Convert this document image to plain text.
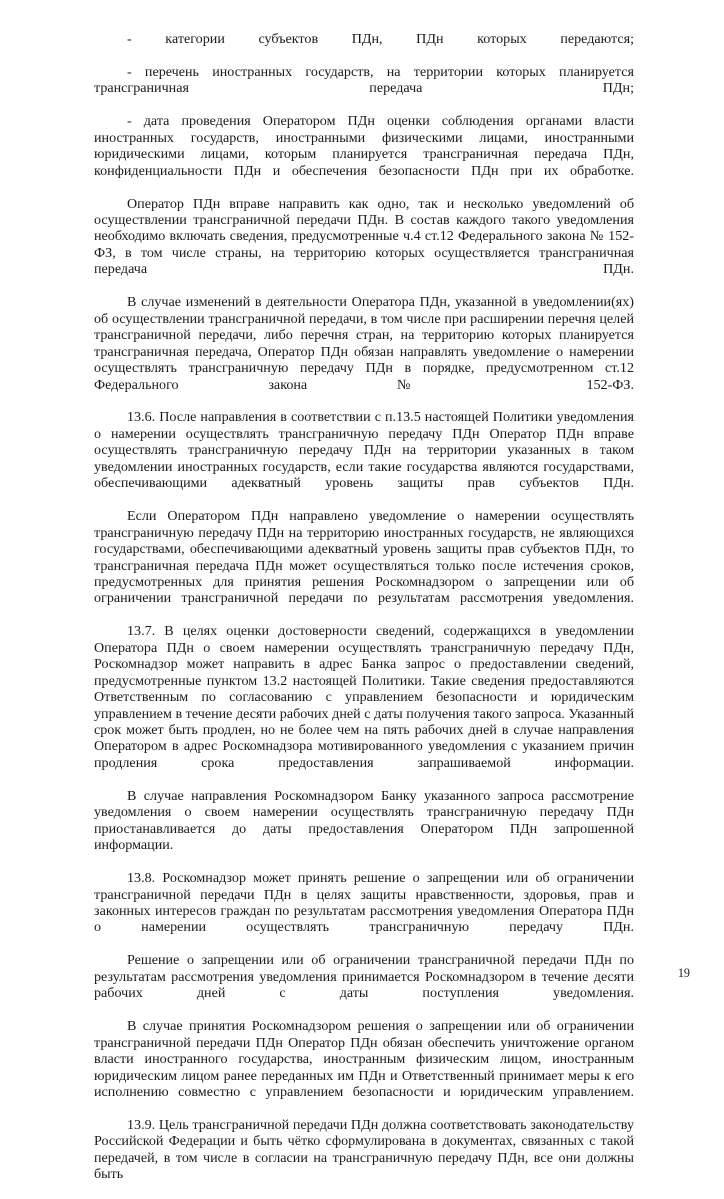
- категории субъектов ПДн, ПДн которых передаются;

- перечень иностранных государств, на территории которых планируется трансграничная передача ПДн;

- дата проведения Оператором ПДн оценки соблюдения органами власти иностранных государств, иностранными физическими лицами, иностранными юридическими лицами, которым планируется трансграничная передача ПДн, конфиденциальности ПДн и обеспечения безопасности ПДн при их обработке.

Оператор ПДн вправе направить как одно, так и несколько уведомлений об осуществлении трансграничной передачи ПДн. В состав каждого такого уведомления необходимо включать сведения, предусмотренные ч.4 ст.12 Федерального закона № 152-ФЗ, в том числе страны, на территорию которых осуществляется трансграничная передача ПДн.

В случае изменений в деятельности Оператора ПДн, указанной в уведомлении(ях) об осуществлении трансграничной передачи, в том числе при расширении перечня целей трансграничной передачи, либо перечня стран, на территорию которых планируется трансграничная передача, Оператор ПДн обязан направлять уведомление о намерении осуществлять трансграничную передачу ПДн в порядке, предусмотренном ст.12 Федерального закона № 152-ФЗ.

13.6. После направления в соответствии с п.13.5 настоящей Политики уведомления о намерении осуществлять трансграничную передачу ПДн Оператор ПДн вправе осуществлять трансграничную передачу ПДн на территории указанных в таком уведомлении иностранных государств, если такие государства являются государствами, обеспечивающими адекватный уровень защиты прав субъектов ПДн.

Если Оператором ПДн направлено уведомление о намерении осуществлять трансграничную передачу ПДн на территорию иностранных государств, не являющихся государствами, обеспечивающими адекватный уровень защиты прав субъектов ПДн, то трансграничная передача ПДн может осуществляться только после истечения сроков, предусмотренных для принятия решения Роскомнадзором о запрещении или об ограничении трансграничной передачи по результатам рассмотрения уведомления.

13.7. В целях оценки достоверности сведений, содержащихся в уведомлении Оператора ПДн о своем намерении осуществлять трансграничную передачу ПДн, Роскомнадзор может направить в адрес Банка запрос о предоставлении сведений, предусмотренные пунктом 13.2 настоящей Политики. Такие сведения предоставляются Ответственным по согласованию с управлением безопасности и юридическим управлением в течение десяти рабочих дней с даты получения такого запроса. Указанный срок может быть продлен, но не более чем на пять рабочих дней в случае направления Оператором в адрес Роскомнадзора мотивированного уведомления с указанием причин продления срока предоставления запрашиваемой информации.

В случае направления Роскомнадзором Банку указанного запроса рассмотрение уведомления о своем намерении осуществлять трансграничную передачу ПДн приостанавливается до даты предоставления Оператором ПДн запрошенной информации.

13.8. Роскомнадзор может принять решение о запрещении или об ограничении трансграничной передачи ПДн в целях защиты нравственности, здоровья, прав и законных интересов граждан по результатам рассмотрения уведомления Оператора ПДн о намерении осуществлять трансграничную передачу ПДн.

Решение о запрещении или об ограничении трансграничной передачи ПДн по результатам рассмотрения уведомления принимается Роскомнадзором в течение десяти рабочих дней с даты поступления уведомления.

В случае принятия Роскомнадзором решения о запрещении или об ограничении трансграничной передачи ПДн Оператор ПДн обязан обеспечить уничтожение органом власти иностранного государства, иностранным физическим лицом, иностранным юридическим лицом ранее переданных им ПДн и Ответственный принимает меры к его исполнению совместно с управлением безопасности и юридическим управлением.

13.9. Цель трансграничной передачи ПДн должна соответствовать законодательству Российской Федерации и быть чётко сформулирована в документах, связанных с такой передачей, в том числе в согласии на трансграничную передачу ПДн, все они должны быть

19
